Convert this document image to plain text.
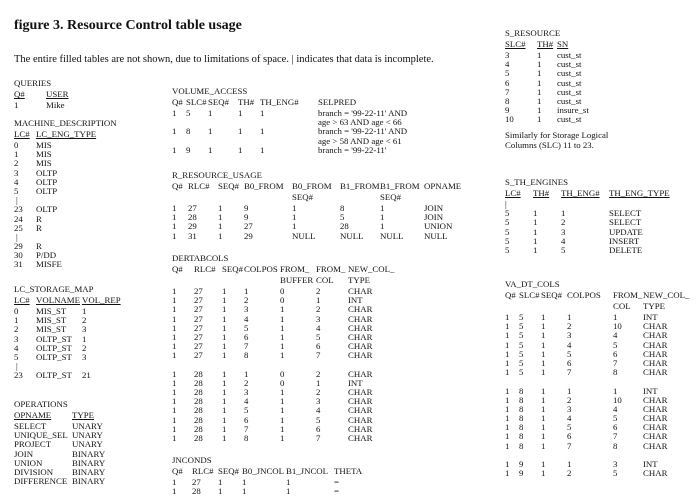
figure 3. Resource Control table usage
The entire filled tables are not shown, due to limitations of space. | indicates that data is incomplete.
QUERIES
Q# USER
1	Mike
MACHINE_DESCRIPTION
LC# LC_ENG_TYPE
0 MIS
1 MIS
2 MIS
3 OLTP
4 OLTP
5 OLTP
|
23 OLTP
24 R
25 R
|
29 R
30 P/DD
31 MISFE
LC_STORAGE_MAP
LC# VOLNAME VOL_REP
0 MIS_ST 1
1 MIS_ST 2
2 MIS_ST 3
3 OLTP_ST 1
4 OLTP_ST 2
5 OLTP_ST 3
|
23 OLTP_ST 21
OPERATIONS
OPNAME TYPE
SELECT	UNARY
UNIQUE_SEL UNARY
PROJECT UNARY
JOIN	BINARY
UNION	BINARY
DIVISION BINARY
DIFFERENCE BINARY
VOLUME_ACCESS
Q# SLC# SEQ# TH# TH_ENG# SELPRED
1 5 1	1 1	branch = '99-22-11' AND
age > 63 AND age < 66
1 8 1	1 1	branch = '99-22-11' AND
age > 58 AND age < 61
1 9 1	1 1	branch = '99-22-11'
R_RESOURCE_USAGE
Q# RLC# SEQ# B0_FROM B0_FROM B1_FROM B1_FROM OPNAME
SEQ#	SEQ#
1 27 1 9	1	8	1	JOIN
1 28 1 9	1	5	1	JOIN
1 29 1 27	1	28	1	UNION
1 31 1 29	NULL	NULL NULL NULL
DERTABCOLS
Q# RLC# SEQ# COLPOS FROM_ FROM_ NEW_COL_
BUFFER COL TYPE
1 27 1 1	0	2	CHAR
1 27 1 2	0	1	INT
1 27 1 3	1	2	CHAR
1 27 1 4	1	3	CHAR
1 27 1 5	1	4	CHAR
1 27 1 6	1	5	CHAR
1 27 1 7	1	6	CHAR
1 27 1 8	1	7	CHAR
1 28 1 1	0	2	CHAR
1 28 1 2	0	1	INT
1 28 1 3	1	2	CHAR
1 28 1 4	1	3	CHAR
1 28 1 5	1	4	CHAR
1 28 1 6	1	5	CHAR
1 28 1 7	1	6	CHAR
1 28 1 8	1	7	CHAR
JNCONDS
Q# RLC# SEQ# B0_JNCOL B1_JNCOL THETA
1 27 1 1	1	=
1 28 1 1	1	=
S_RESOURCE
SLC# TH# SN
3	1 cust_st
4	1 cust_st
5	1 cust_st
6	1 cust_st
7	1 cust_st
8	1 cust_st
9	1 insure_st
10	1 cust_st
Similarly for Storage Logical
Columns (SLC) 11 to 23.
S_TH_ENGINES
LC# TH# TH_ENG# TH_ENG_TYPE
|
5	1	1	SELECT
5	1	2	SELECT
5	1	3	UPDATE
5	1	4	INSERT
5	1	5	DELETE
VA_DT_COLS
Q# SLC# SEQ# COLPOS FROM_ NEW_COL_
COL TYPE
1 5 1 1	1	INT
1 5 1 2	10 CHAR
1 5 1 3	4	CHAR
1 5 1 4	5	CHAR
1 5 1 5	6	CHAR
1 5 1 6	7	CHAR
1 5 1 7	8	CHAR
1 8 1 1	1	INT
1 8 1 2	10 CHAR
1 8 1 3	4	CHAR
1 8 1 4	5	CHAR
1 8 1 5	6	CHAR
1 8 1 6	7	CHAR
1 8 1 7	8	CHAR
1 9 1 1	3	INT
1 9 1 2	5	CHAR
